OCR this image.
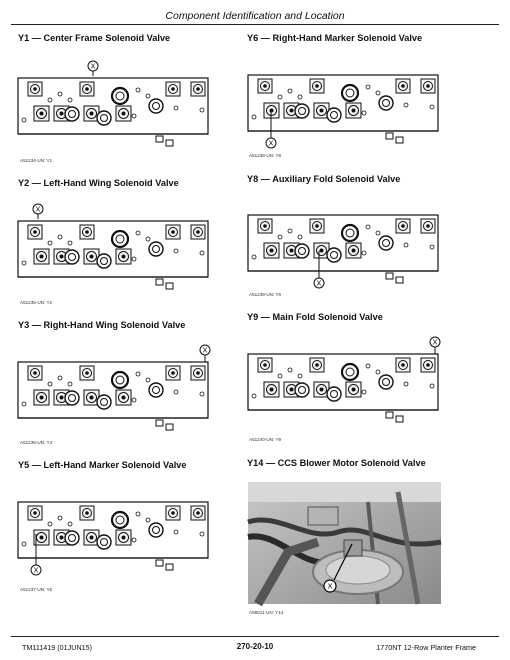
Component Identification and Location
Y1 — Center Frame Solenoid Valve
X
A51234-UN: Y1
Y2 — Left-Hand Wing Solenoid Valve
X
A51235-UN: Y2
Y3 — Right-Hand Wing Solenoid Valve
X
A51236-UN: Y3
Y5 — Left-Hand Marker Solenoid Valve
X
A51237-UN: Y5
Y6 — Right-Hand Marker Solenoid Valve
X
A51238-UN: Y6
Y8 — Auxiliary Fold Solenoid Valve
X
A51239-UN: Y8
Y9 — Main Fold Solenoid Valve
X
A51240-UN: Y9
Y14 — CCS Blower Motor Solenoid Valve
X
A69011-UN: Y14
TM111419 (01JUN15)	270-20-10	1770NT 12-Row Planter Frame
